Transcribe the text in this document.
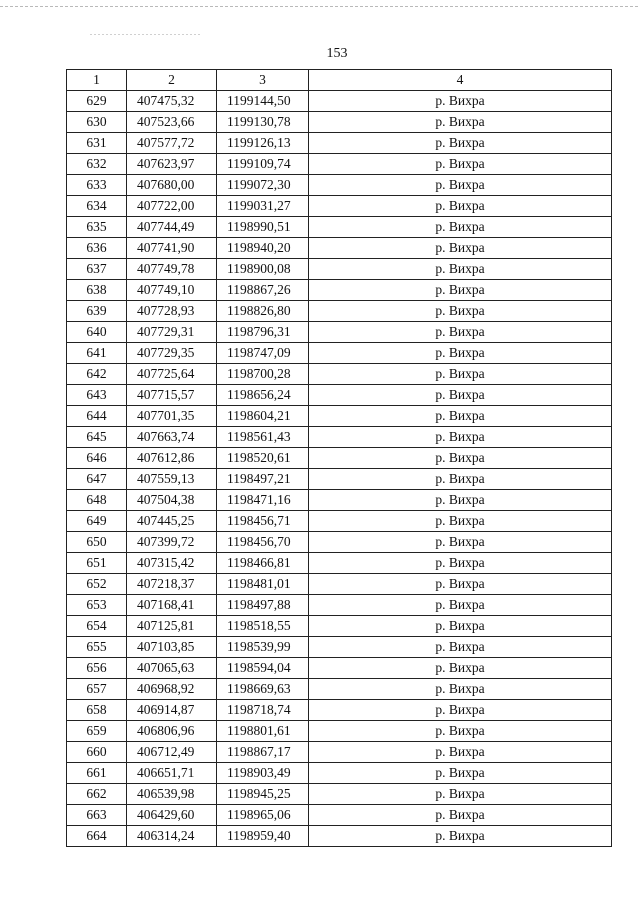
153
1	2	3	4
629	407475,32	1199144,50	р. Вихра
630	407523,66	1199130,78	р. Вихра
631	407577,72	1199126,13	р. Вихра
632	407623,97	1199109,74	р. Вихра
633	407680,00	1199072,30	р. Вихра
634	407722,00	1199031,27	р. Вихра
635	407744,49	1198990,51	р. Вихра
636	407741,90	1198940,20	р. Вихра
637	407749,78	1198900,08	р. Вихра
638	407749,10	1198867,26	р. Вихра
639	407728,93	1198826,80	р. Вихра
640	407729,31	1198796,31	р. Вихра
641	407729,35	1198747,09	р. Вихра
642	407725,64	1198700,28	р. Вихра
643	407715,57	1198656,24	р. Вихра
644	407701,35	1198604,21	р. Вихра
645	407663,74	1198561,43	р. Вихра
646	407612,86	1198520,61	р. Вихра
647	407559,13	1198497,21	р. Вихра
648	407504,38	1198471,16	р. Вихра
649	407445,25	1198456,71	р. Вихра
650	407399,72	1198456,70	р. Вихра
651	407315,42	1198466,81	р. Вихра
652	407218,37	1198481,01	р. Вихра
653	407168,41	1198497,88	р. Вихра
654	407125,81	1198518,55	р. Вихра
655	407103,85	1198539,99	р. Вихра
656	407065,63	1198594,04	р. Вихра
657	406968,92	1198669,63	р. Вихра
658	406914,87	1198718,74	р. Вихра
659	406806,96	1198801,61	р. Вихра
660	406712,49	1198867,17	р. Вихра
661	406651,71	1198903,49	р. Вихра
662	406539,98	1198945,25	р. Вихра
663	406429,60	1198965,06	р. Вихра
664	406314,24	1198959,40	р. Вихра
